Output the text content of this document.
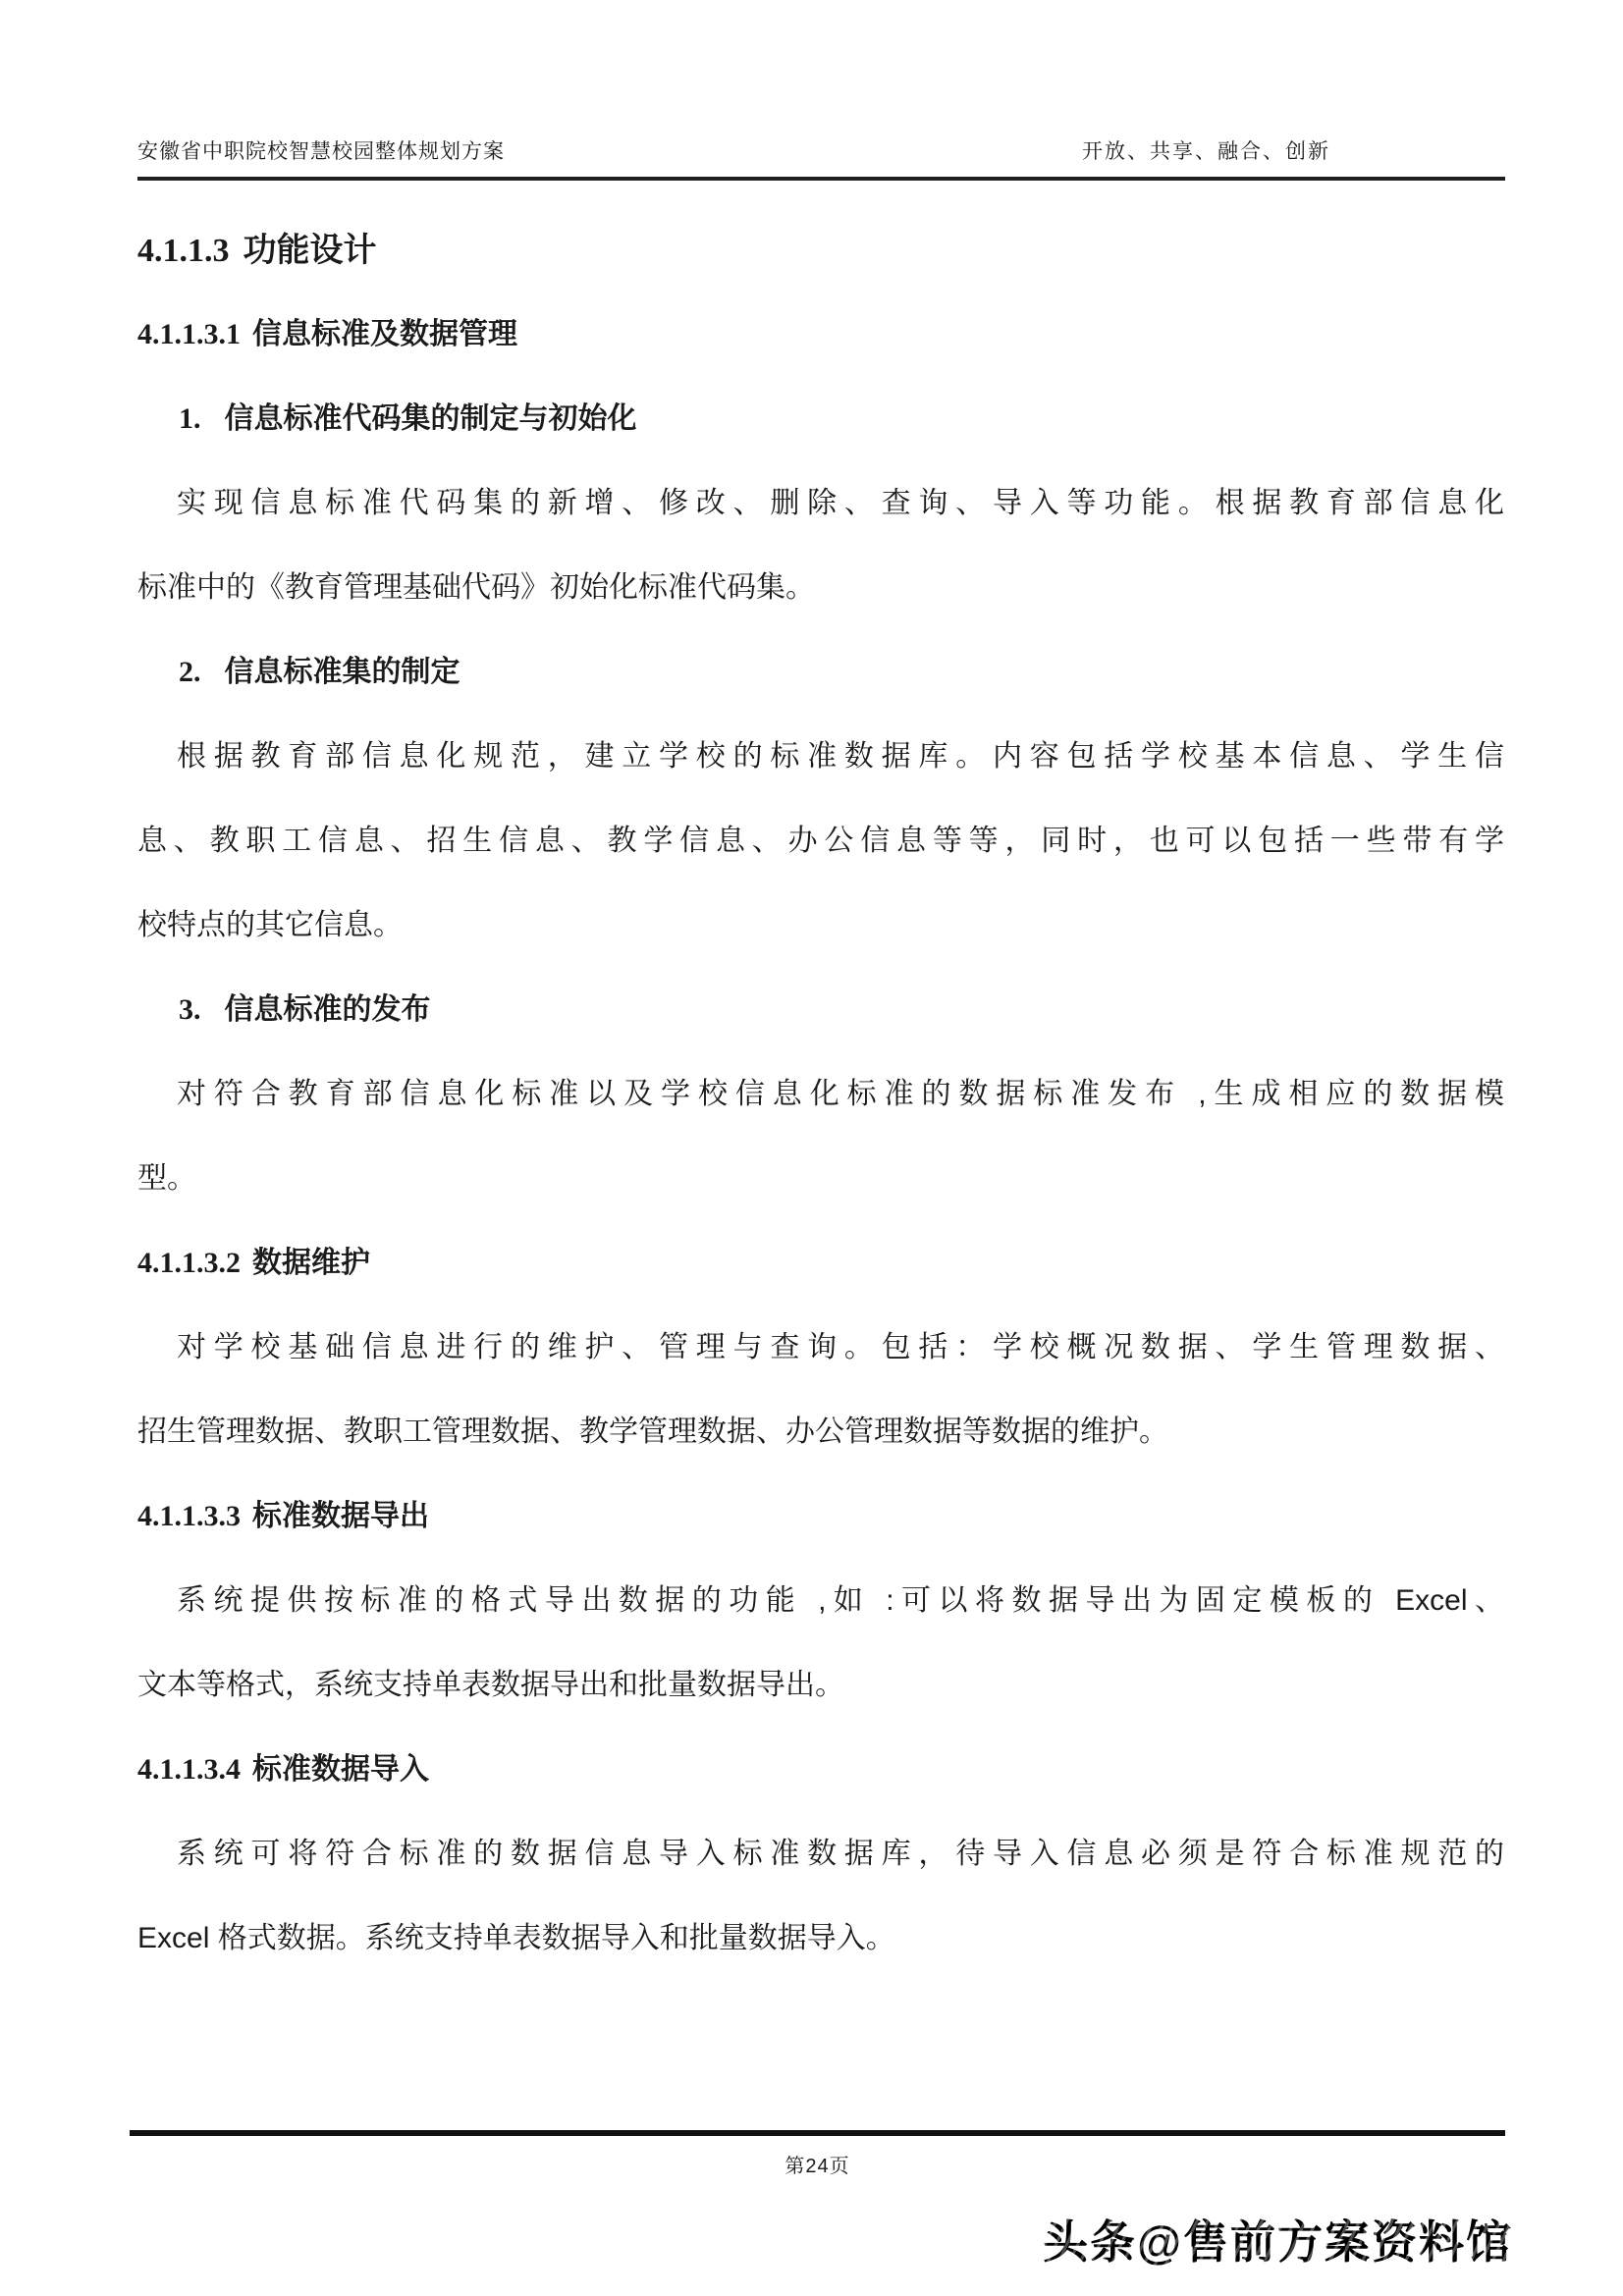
安徽省中职院校智慧校园整体规划方案	开放、共享、融合、创新
4.1.1.3 功能设计
4.1.1.3.1 信息标准及数据管理
1. 信息标准代码集的制定与初始化
实现信息标准代码集的新增、修改、删除、查询、导入等功能。根据教育部信息化
标准中的《教育管理基础代码》初始化标准代码集。
2. 信息标准集的制定
根据教育部信息化规范，建立学校的标准数据库。内容包括学校基本信息、学生信
息、教职工信息、招生信息、教学信息、办公信息等等，同时，也可以包括一些带有学
校特点的其它信息。
3. 信息标准的发布
对符合教育部信息化标准以及学校信息化标准的数据标准发布 ,生成相应的数据模
型。
4.1.1.3.2 数据维护
对学校基础信息进行的维护、管理与查询。包括：学校概况数据、学生管理数据、
招生管理数据、教职工管理数据、教学管理数据、办公管理数据等数据的维护。
4.1.1.3.3 标准数据导出
系统提供按标准的格式导出数据的功能 ,如 :可以将数据导出为固定模板的 Excel、
文本等格式，系统支持单表数据导出和批量数据导出。
4.1.1.3.4 标准数据导入
系统可将符合标准的数据信息导入标准数据库，待导入信息必须是符合标准规范的
Excel 格式数据。系统支持单表数据导入和批量数据导入。
第24页
头条@售前方案资料馆
